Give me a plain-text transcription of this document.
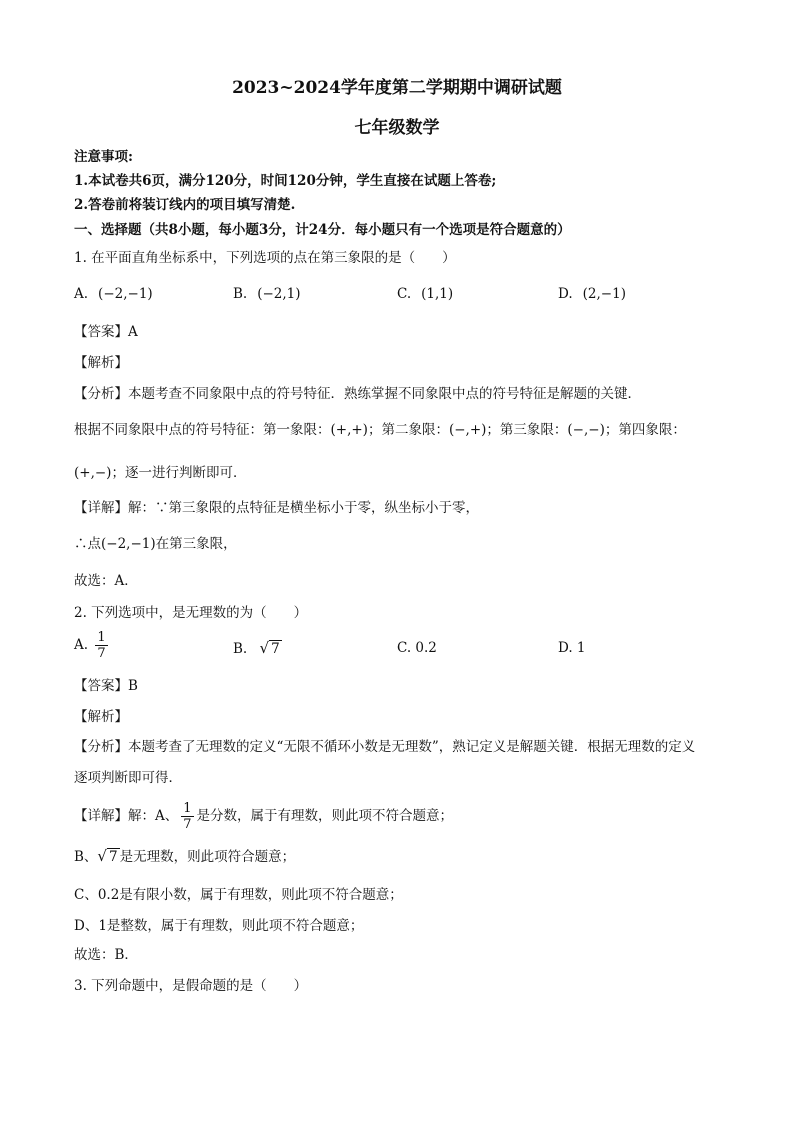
2023~2024学年度第二学期期中调研试题
七年级数学
注意事项:
1.本试卷共6页，满分120分，时间120分钟，学生直接在试题上答卷;
2.答卷前将装订线内的项目填写清楚.
一、选择题（共8小题，每小题3分，计24分．每小题只有一个选项是符合题意的）
1. 在平面直角坐标系中，下列选项的点在第三象限的是（　　）
A. (−2,−1)	B. (−2,1)	C. (1,1)	D. (2,−1)
【答案】A
【解析】
【分析】本题考查不同象限中点的符号特征．熟练掌握不同象限中点的符号特征是解题的关键．
根据不同象限中点的符号特征：第一象限：(+,+)；第二象限：(−,+)；第三象限：(−,−)；第四象限：
(+,−)；逐一进行判断即可．
【详解】解：∵第三象限的点特征是横坐标小于零，纵坐标小于零，
∴点(−2,−1)在第三象限，
故选：A．
2. 下列选项中，是无理数的为（　　）
A. $\frac{1}{7}$	B. √ 7	C. 0.2	D. 1
【答案】B
【解析】
【分析】本题考查了无理数的定义“无限不循环小数是无理数”，熟记定义是解题关键．根据无理数的定义
逐项判断即可得．
【详解】解：A、 $\frac{1}{7}$ 是分数，属于有理数，则此项不符合题意；
B、√ 7 是无理数，则此项符合题意；
C、0.2是有限小数，属于有理数，则此项不符合题意；
D、1是整数，属于有理数，则此项不符合题意；
故选：B．
3. 下列命题中，是假命题的是（　　）
